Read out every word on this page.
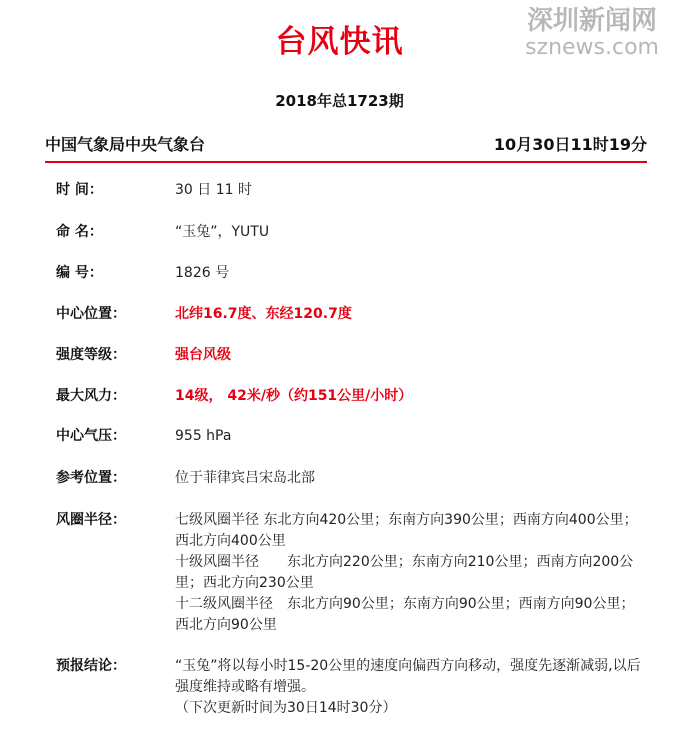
台风快讯
深圳新闻网
sznews.com
2018年总1723期
中国气象局中央气象台	10月30日11时19分
时 间：	30 日 11 时
命 名：	“玉兔”，YUTU
编 号：	1826 号
中心位置：	北纬16.7度、东经120.7度
强度等级：	强台风级
最大风力：	14级， 42米/秒（约151公里/小时）
中心气压：	955 hPa
参考位置：	位于菲律宾吕宋岛北部
风圈半径：	七级风圈半径 东北方向420公里；东南方向390公里；西南方向400公里；西北方向400公里
十级风圈半径　　东北方向220公里；东南方向210公里；西南方向200公里；西北方向230公里
十二级风圈半径　东北方向90公里；东南方向90公里；西南方向90公里；西北方向90公里
预报结论：	“玉兔”将以每小时15-20公里的速度向偏西方向移动，强度先逐渐减弱,以后强度维持或略有增强。
（下次更新时间为30日14时30分）
